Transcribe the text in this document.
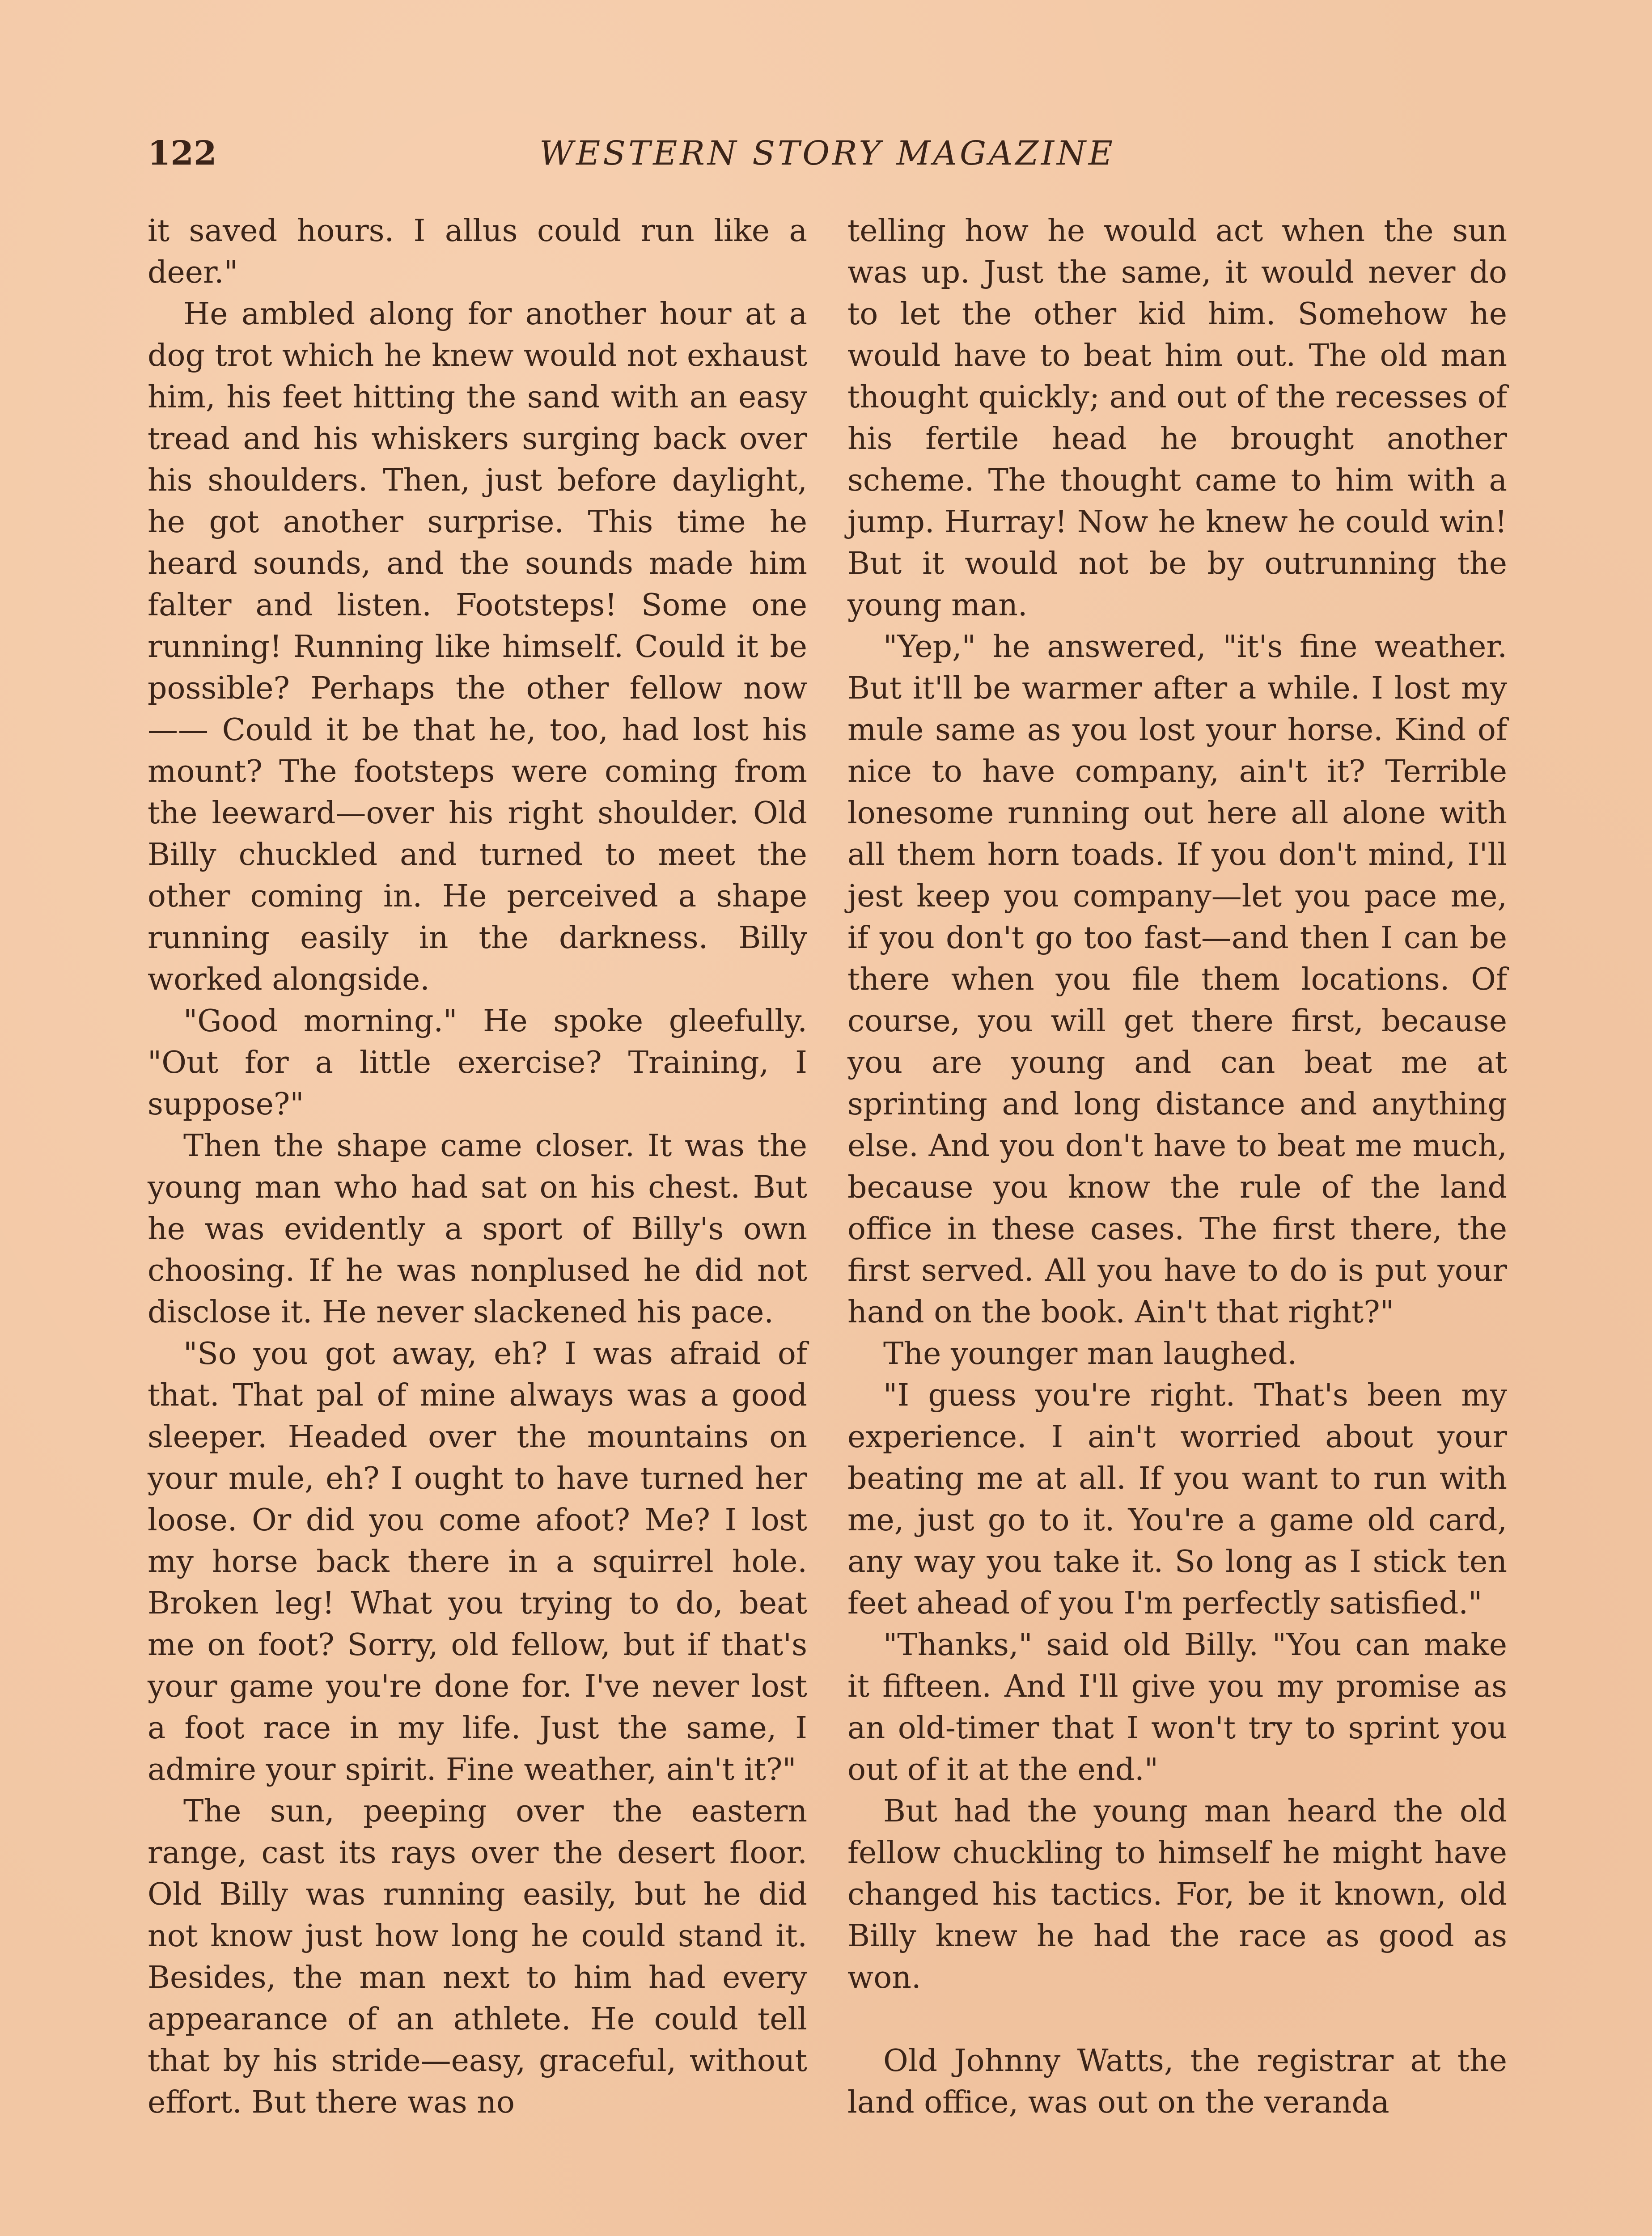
122	WESTERN STORY MAGAZINE

it saved hours. I allus could run like a deer."

He ambled along for another hour at a dog trot which he knew would not exhaust him, his feet hitting the sand with an easy tread and his whiskers surging back over his shoulders. Then, just before daylight, he got another surprise. This time he heard sounds, and the sounds made him falter and listen. Footsteps! Some one running! Running like himself. Could it be possible? Perhaps the other fellow now—— Could it be that he, too, had lost his mount? The footsteps were coming from the leeward—over his right shoulder. Old Billy chuckled and turned to meet the other coming in. He perceived a shape running easily in the darkness. Billy worked alongside.

"Good morning." He spoke gleefully. "Out for a little exercise? Training, I suppose?"

Then the shape came closer. It was the young man who had sat on his chest. But he was evidently a sport of Billy's own choosing. If he was nonplused he did not disclose it. He never slackened his pace.

"So you got away, eh? I was afraid of that. That pal of mine always was a good sleeper. Headed over the mountains on your mule, eh? I ought to have turned her loose. Or did you come afoot? Me? I lost my horse back there in a squirrel hole. Broken leg! What you trying to do, beat me on foot? Sorry, old fellow, but if that's your game you're done for. I've never lost a foot race in my life. Just the same, I admire your spirit. Fine weather, ain't it?"

The sun, peeping over the eastern range, cast its rays over the desert floor. Old Billy was running easily, but he did not know just how long he could stand it. Besides, the man next to him had every appearance of an athlete. He could tell that by his stride—easy, graceful, without effort. But there was no

telling how he would act when the sun was up. Just the same, it would never do to let the other kid him. Somehow he would have to beat him out. The old man thought quickly; and out of the recesses of his fertile head he brought another scheme. The thought came to him with a jump. Hurray! Now he knew he could win! But it would not be by outrunning the young man.

"Yep," he answered, "it's fine weather. But it'll be warmer after a while. I lost my mule same as you lost your horse. Kind of nice to have company, ain't it? Terrible lonesome running out here all alone with all them horn toads. If you don't mind, I'll jest keep you company—let you pace me, if you don't go too fast—and then I can be there when you file them locations. Of course, you will get there first, because you are young and can beat me at sprinting and long distance and anything else. And you don't have to beat me much, because you know the rule of the land office in these cases. The first there, the first served. All you have to do is put your hand on the book. Ain't that right?"

The younger man laughed.

"I guess you're right. That's been my experience. I ain't worried about your beating me at all. If you want to run with me, just go to it. You're a game old card, any way you take it. So long as I stick ten feet ahead of you I'm perfectly satisfied."

"Thanks," said old Billy. "You can make it fifteen. And I'll give you my promise as an old-timer that I won't try to sprint you out of it at the end."

But had the young man heard the old fellow chuckling to himself he might have changed his tactics. For, be it known, old Billy knew he had the race as good as won.

Old Johnny Watts, the registrar at the land office, was out on the veranda
